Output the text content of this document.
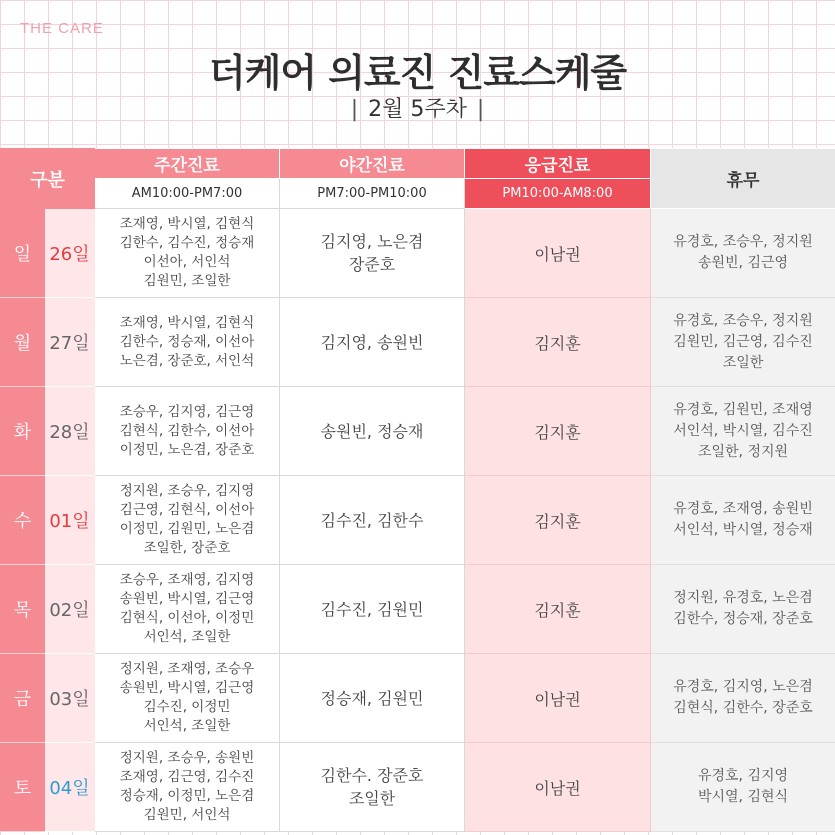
THE CARE
더케어 의료진 진료스케줄
| 2월 5주차 |
구분		주간진료	야간진료	응급진료	휴무
		AM10:00-PM7:00	PM7:00-PM10:00	PM10:00-AM8:00	
일	26일	조재영, 박시열, 김현식
김한수, 김수진, 정승재
이선아, 서인석
김원민, 조일한	김지영, 노은겸
장준호	이남권	유경호, 조승우, 정지원
송원빈, 김근영

월	27일	조재영, 박시열, 김현식
김한수, 정승재, 이선아
노은겸, 장준호, 서인석	김지영, 송원빈	김지훈	유경호, 조승우, 정지원
김원민, 김근영, 김수진
조일한

화	28일	조승우, 김지영, 김근영
김현식, 김한수, 이선아
이정민, 노은겸, 장준호	송원빈, 정승재	김지훈	유경호, 김원민, 조재영
서인석, 박시열, 김수진
조일한, 정지원

수	01일	정지원, 조승우, 김지영
김근영, 김현식, 이선아
이정민, 김원민, 노은겸
조일한, 장준호	김수진, 김한수	김지훈	유경호, 조재영, 송원빈
서인석, 박시열, 정승재

목	02일	조승우, 조재영, 김지영
송원빈, 박시열, 김근영
김현식, 이선아, 이정민
서인석, 조일한	김수진, 김원민	김지훈	정지원, 유경호, 노은겸
김한수, 정승재, 장준호

금	03일	정지원, 조재영, 조승우
송원빈, 박시열, 김근영
김수진, 이정민
서인석, 조일한	정승재, 김원민	이남권	유경호, 김지영, 노은겸
김현식, 김한수, 장준호

토	04일	정지원, 조승우, 송원빈
조재영, 김근영, 김수진
정승재, 이정민, 노은겸
김원민, 서인석	김한수. 장준호
조일한	이남권	유경호, 김지영
박시열, 김현식
